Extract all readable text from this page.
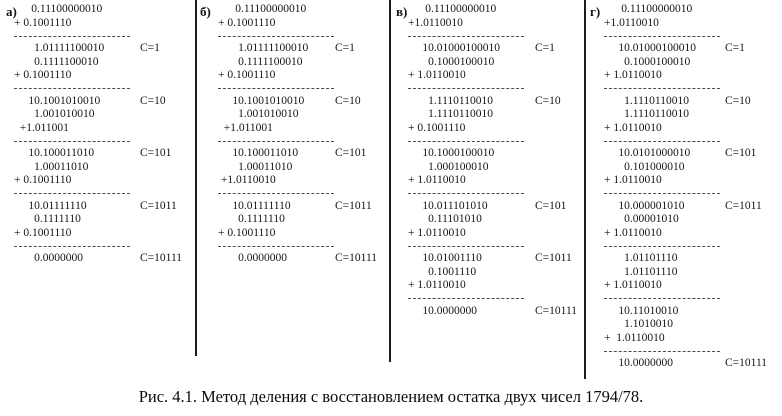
а)
0.11100000010
+ 0.1001110
1.01111100010	C=1
0.1111100010
+ 0.1001110
10.1001010010	C=10
1.001010010
+1.011001
10.100011010	C=101
1.00011010
+ 0.1001110
10.01111110	C=1011
0.1111110
+ 0.1001110
0.0000000	C=10111
б) 0.11100000010
+ 0.1001110
1.01111100010 C=1
0.1111100010
+ 0.1001110
10.1001010010	C=10
1.001010010
+1.011001
10.100011010	C=101
1.00011010
+1.0110010
10.01111110	C=1011
0.1111110
+ 0.1001110
0.0000000	C=10111
в) 0.11100000010
+1.0110010
10.01000100010	C=1
0.1000100010
+ 1.0110010
1.1110110010	C=10
1.1110110010
+ 0.1001110
10.1000100010
1.000100010
+ 1.0110010
10.011101010	C=101
0.11101010
+ 1.0110010
10.01001110	C=1011
0.1001110
+ 1.0110010
10.0000000	C=10111
г) 0.11100000010
+1.0110010
10.01000100010	C=1
0.1000100010
+ 1.0110010
1.1110110010	C=10
1.1110110010
+ 1.0110010
10.0101000010	C=101
0.101000010
+ 1.0110010
10.000001010	C=1011
0.00001010
+ 1.0110010
1.01101110
1.01101110
+ 1.0110010
10.11010010
1.1010010
+  1.0110010
10.0000000	C=10111
Рис. 4.1. Метод деления с восстановлением остатка двух чисел 1794/78.
